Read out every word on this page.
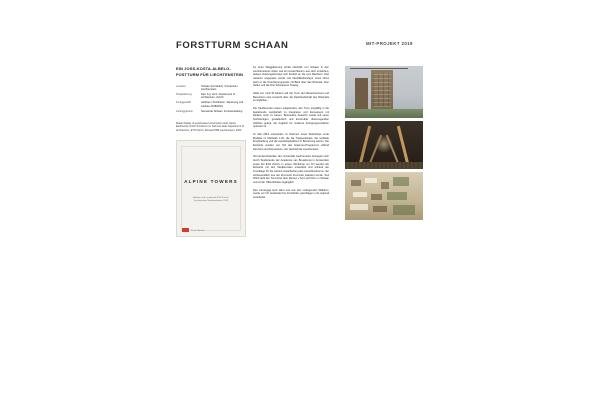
FORSTTURM SCHAAN	MIT-PROJEKT 2019
EIN JOSS-KOSTA-ALBELO-FOSTTURM FÜR LIECHTENSTEIN
Location	Schaan (FL/Vaduz), Fürstentum Liechtenstein
Projektleitung	Dipl. Ing. Arch. Department of Architecture, Zurich
Fertiggestellt	Holzbau / Sichtbeton, Sanierung und Ausbau 2018/2019
Auftraggeberin	Gemeinde Schaan, Forstverwaltung
Model display of wood-based construction field. Alpine Earthworks GmbH Forstturm im Sammel-Atlas Department of Architecture, ETH Zürich, Schaan/HSB Liechtenstein, 2020.
ALPINE TOWERS
Holzbau und Landschaft ETH Zürich / Liechtenstein Studienarbeiten 2019
Park Books
An einer Waggabierung erhält oberhalb von Schaan in den Liechtensteiner Alpen seit ein Aussichtsturm aus Holz entstehen, dessen Nutzungskonzept sich flexibel an die vom Bauherrn zwei weiteren angepasst wurde: Als Identifikationsfigur eines Ortes steht er als Orientierungspunkt mit Blick über das Rheintal, über Vaduz und die Drei Schwestern hinweg.
Hölle von rund 30 Metern soll der Turm den Besucherinnen und Besuchern eine Aussicht über die Dachlandschaft des Rheintals ermöglichen.
Die Studierenden waren aufgefordert, den Turm sorgfältig in die bestehende Landschaft zu integrieren und konsequent mit lokalem Holz zu bauen. Besondere Aussicht wurde auf einen hochwertigen, gestalterisch und konstruktiv überzeugenden Holzbau gelegt: die zugleich für moderne Fertigungsverfahren optimiert ist.
Im Mai 2019 entstanden im Rahmen eines Workshops erste Modelle im Maßstab 1:20, die die Tragwerksidee, die vertikale Erschließung und die Aussichtsplattform in Beziehung setzen. Die Entwürfe wurden von Teil des Erasmus-Programms «Wood Structure and Expression» der Hochschule Liechtenstein.
Vier Entwurfsstudien der Universität Liechtenstein bewegten sich durch Studierende der Academie van Bouwkunst in Amsterdam sowie der ETH Zürich. In einem Workshop vor Ort wurden die Entwürfe mit den Studierenden entwickelt und anhand der Grundlage für die weitere Ausarbeitung des Ausschlussturms, der schlussendlich aus der Zimmerei Frommelt realisiert wurde. Seit 2024 steht der Turmunter dem Namen «Turm auf Drei» in Schaan und ist der Öffentlichkeit zugänglich.
Das vorrangige Holz dient erst aus den umliegenden Wäldern; wurde vor Ort bearbeitet bei Forsthöfen geschlagen und regional verarbeitet.
